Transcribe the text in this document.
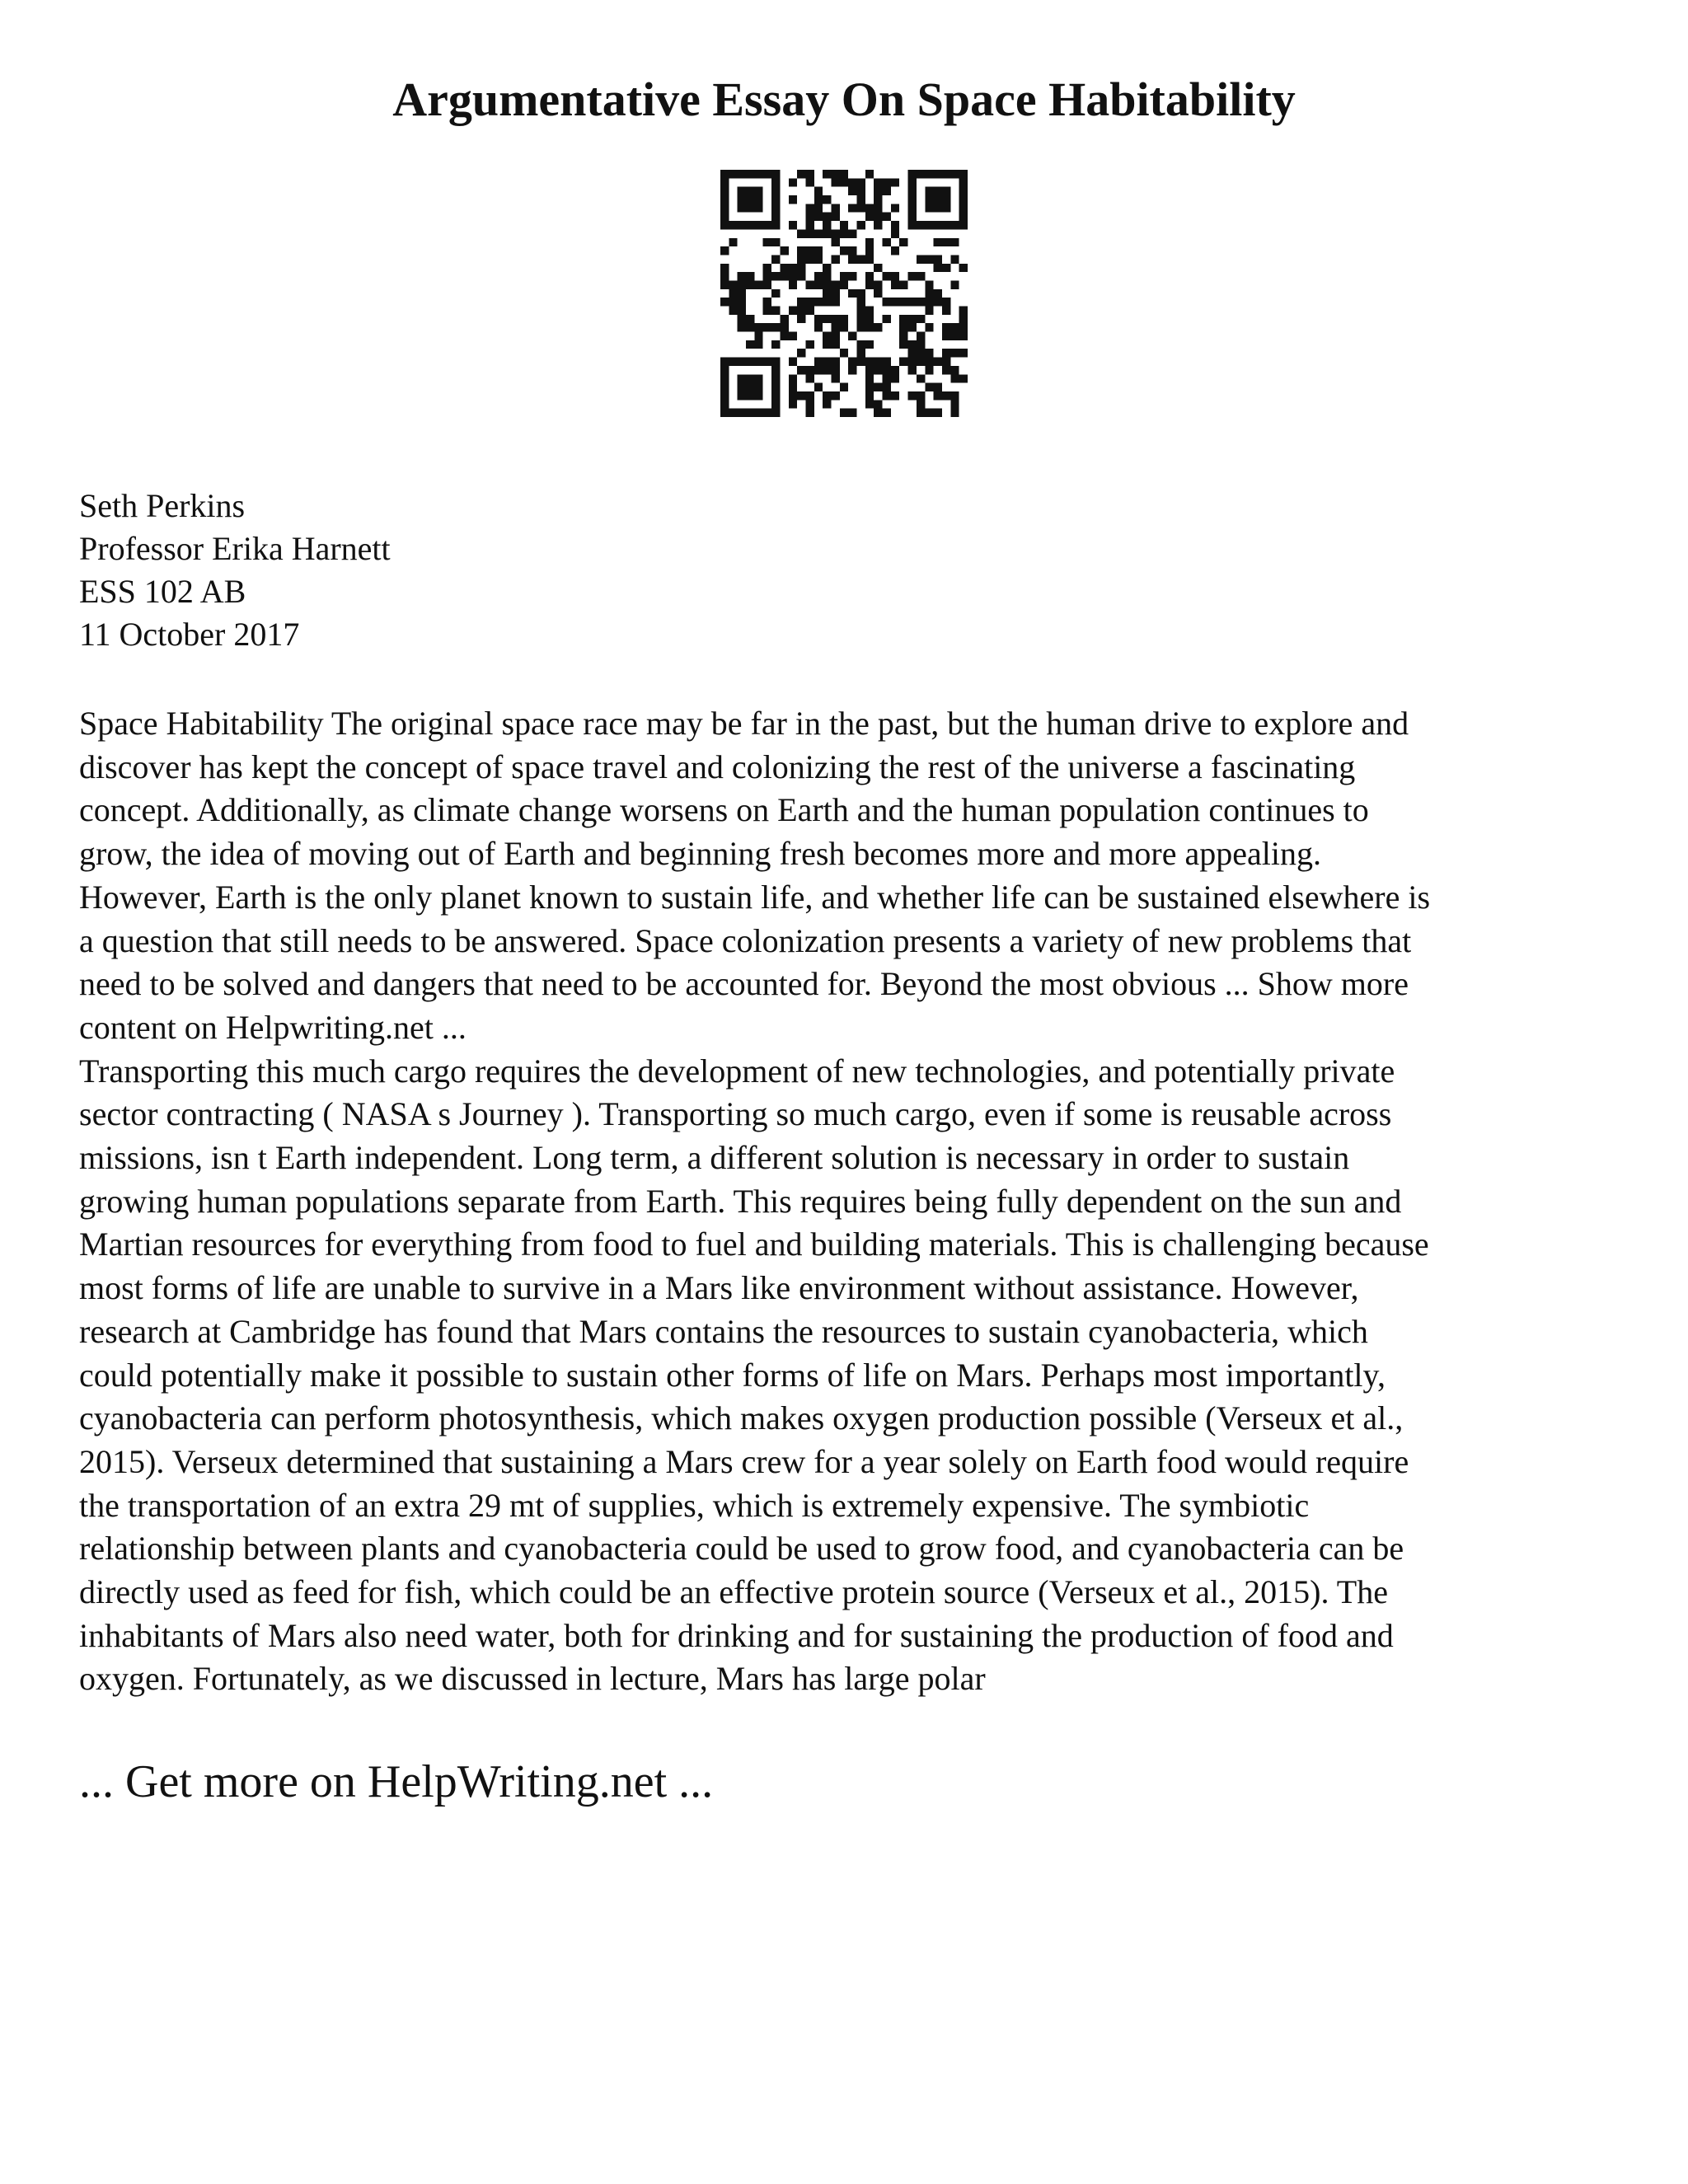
Argumentative Essay On Space Habitability
Seth Perkins
Professor Erika Harnett
ESS 102 AB
11 October 2017
Space Habitability The original space race may be far in the past, but the human drive to explore and
discover has kept the concept of space travel and colonizing the rest of the universe a fascinating
concept. Additionally, as climate change worsens on Earth and the human population continues to
grow, the idea of moving out of Earth and beginning fresh becomes more and more appealing.
However, Earth is the only planet known to sustain life, and whether life can be sustained elsewhere is
a question that still needs to be answered. Space colonization presents a variety of new problems that
need to be solved and dangers that need to be accounted for. Beyond the most obvious ... Show more
content on Helpwriting.net ...
Transporting this much cargo requires the development of new technologies, and potentially private
sector contracting ( NASA s Journey ). Transporting so much cargo, even if some is reusable across
missions, isn t Earth independent. Long term, a different solution is necessary in order to sustain
growing human populations separate from Earth. This requires being fully dependent on the sun and
Martian resources for everything from food to fuel and building materials. This is challenging because
most forms of life are unable to survive in a Mars like environment without assistance. However,
research at Cambridge has found that Mars contains the resources to sustain cyanobacteria, which
could potentially make it possible to sustain other forms of life on Mars. Perhaps most importantly,
cyanobacteria can perform photosynthesis, which makes oxygen production possible (Verseux et al.,
2015). Verseux determined that sustaining a Mars crew for a year solely on Earth food would require
the transportation of an extra 29 mt of supplies, which is extremely expensive. The symbiotic
relationship between plants and cyanobacteria could be used to grow food, and cyanobacteria can be
directly used as feed for fish, which could be an effective protein source (Verseux et al., 2015). The
inhabitants of Mars also need water, both for drinking and for sustaining the production of food and
oxygen. Fortunately, as we discussed in lecture, Mars has large polar
... Get more on HelpWriting.net ...
